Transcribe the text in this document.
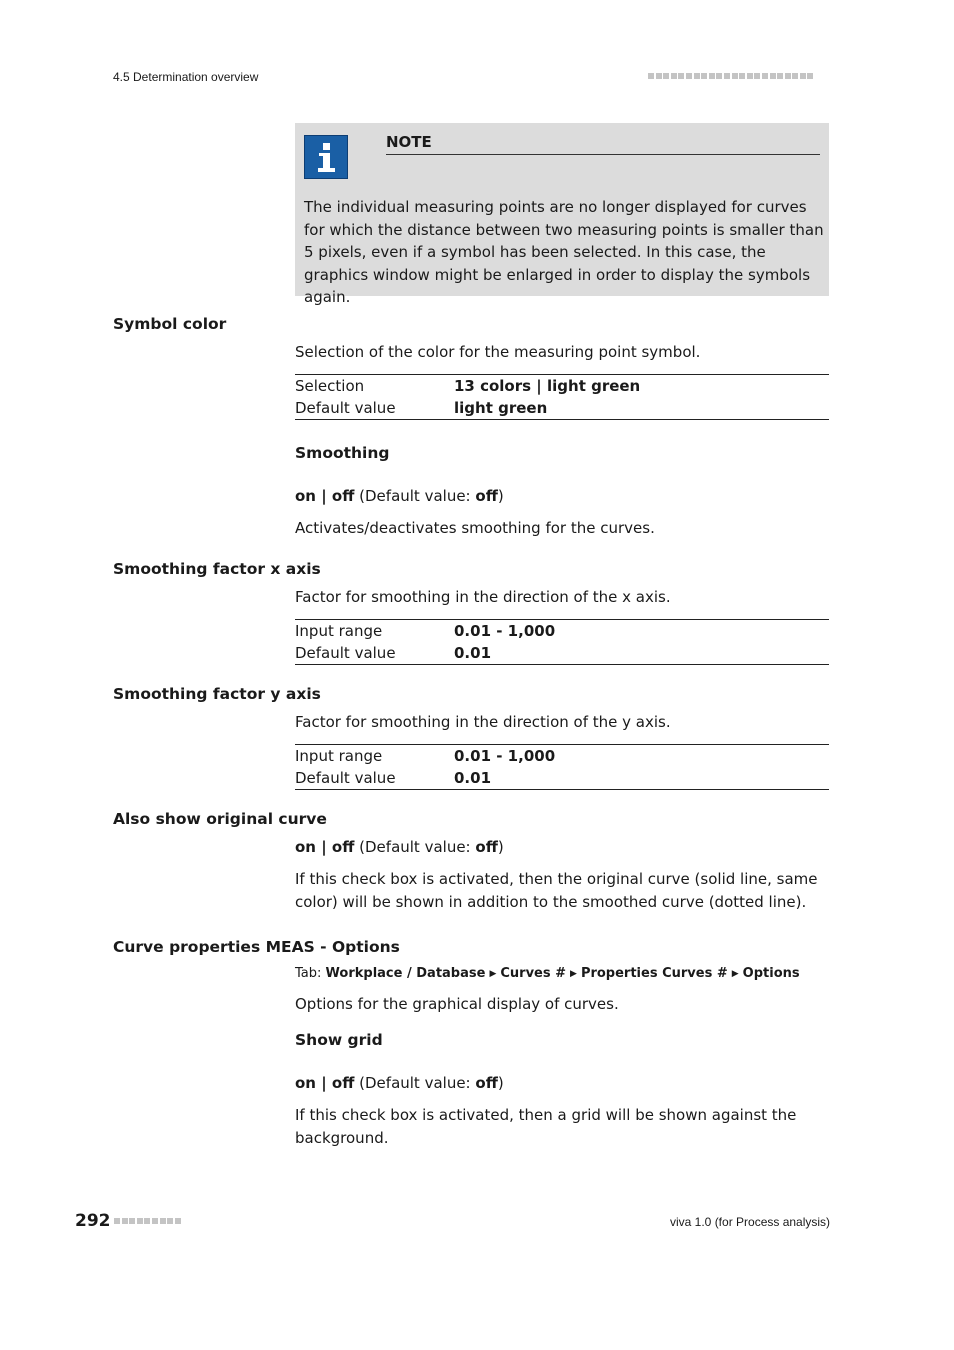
4.5 Determination overview
NOTE
The individual measuring points are no longer displayed for curves for which the distance between two measuring points is smaller than 5 pixels, even if a symbol has been selected. In this case, the graphics window might be enlarged in order to display the symbols again.
Symbol color
Selection of the color for the measuring point symbol.
Selection	13 colors | light green
Default value	light green
Smoothing
on | off (Default value: off)
Activates/deactivates smoothing for the curves.
Smoothing factor x axis
Factor for smoothing in the direction of the x axis.
Input range	0.01 - 1,000
Default value	0.01
Smoothing factor y axis
Factor for smoothing in the direction of the y axis.
Input range	0.01 - 1,000
Default value	0.01
Also show original curve
on | off (Default value: off)
If this check box is activated, then the original curve (solid line, same color) will be shown in addition to the smoothed curve (dotted line).
Curve properties MEAS - Options
Tab: Workplace / Database ▶ Curves # ▶ Properties Curves # ▶ Options
Options for the graphical display of curves.
Show grid
on | off (Default value: off)
If this check box is activated, then a grid will be shown against the background.
292	viva 1.0 (for Process analysis)
